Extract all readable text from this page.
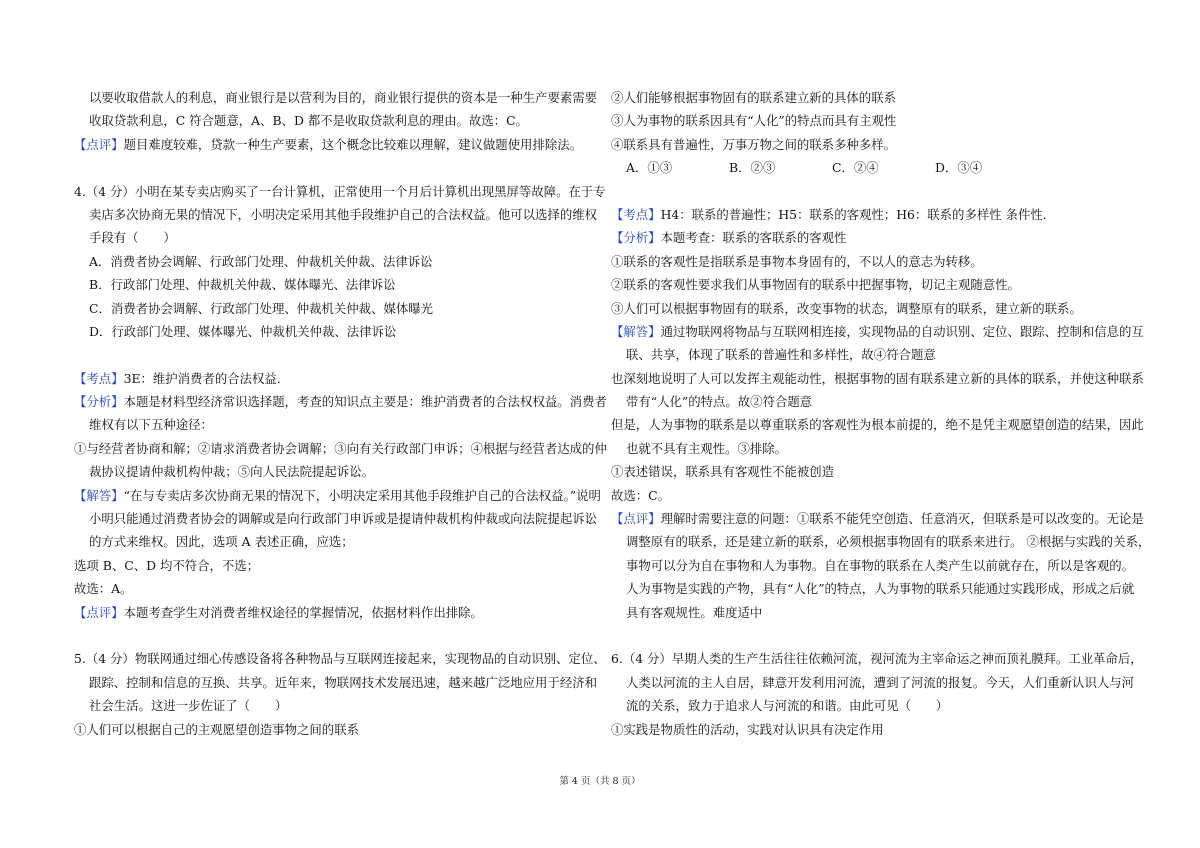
以要收取借款人的利息，商业银行是以营利为目的，商业银行提供的资本是一种生产要素需要
收取贷款利息，C 符合题意，A、B、D 都不是收取贷款利息的理由。故选：C。
【点评】题目难度较难，贷款一种生产要素，这个概念比较难以理解，建议做题使用排除法。
4.（4 分）小明在某专卖店购买了一台计算机，正常使用一个月后计算机出现黑屏等故障。在于专
卖店多次协商无果的情况下，小明决定采用其他手段维护自己的合法权益。他可以选择的维权
手段有（　　）
A．消费者协会调解、行政部门处理、仲裁机关仲裁、法律诉讼
B．行政部门处理、仲裁机关仲裁、媒体曝光、法律诉讼
C．消费者协会调解、行政部门处理、仲裁机关仲裁、媒体曝光
D．行政部门处理、媒体曝光、仲裁机关仲裁、法律诉讼
【考点】3E：维护消费者的合法权益．
【分析】本题是材料型经济常识选择题，考查的知识点主要是：维护消费者的合法权权益。消费者
维权有以下五种途径：
①与经营者协商和解；②请求消费者协会调解；③向有关行政部门申诉；④根据与经营者达成的仲
裁协议提请仲裁机构仲裁；⑤向人民法院提起诉讼。
【解答】“在与专卖店多次协商无果的情况下，小明决定采用其他手段维护自己的合法权益。”说明
小明只能通过消费者协会的调解或是向行政部门申诉或是提请仲裁机构仲裁或向法院提起诉讼
的方式来维权。因此，选项 A 表述正确，应选；
选项 B、C、D 均不符合，不选；
故选：A。
【点评】本题考查学生对消费者维权途径的掌握情况，依据材料作出排除。
5.（4 分）物联网通过细心传感设备将各种物品与互联网连接起来，实现物品的自动识别、定位、
跟踪、控制和信息的互换、共享。近年来，物联网技术发展迅速，越来越广泛地应用于经济和
社会生活。这进一步佐证了（　　）
①人们可以根据自己的主观愿望创造事物之间的联系
②人们能够根据事物固有的联系建立新的具体的联系
③人为事物的联系因具有“人化”的特点而具有主观性
④联系具有普遍性，万事万物之间的联系多种多样。
A．①③	B．②③	C．②④	D．③④
【考点】H4：联系的普遍性；H5：联系的客观性；H6：联系的多样性 条件性．
【分析】本题考查：联系的客联系的客观性
①联系的客观性是指联系是事物本身固有的，不以人的意志为转移。
②联系的客观性要求我们从事物固有的联系中把握事物，切记主观随意性。
③人们可以根据事物固有的联系，改变事物的状态，调整原有的联系，建立新的联系。
【解答】通过物联网将物品与互联网相连接，实现物品的自动识别、定位、跟踪、控制和信息的互
联、共享，体现了联系的普遍性和多样性，故④符合题意
也深刻地说明了人可以发挥主观能动性，根据事物的固有联系建立新的具体的联系，并使这种联系
带有“人化”的特点。故②符合题意
但是，人为事物的联系是以尊重联系的客观性为根本前提的，绝不是凭主观愿望创造的结果，因此
也就不具有主观性。③排除。
①表述错误，联系具有客观性不能被创造
故选：C。
【点评】理解时需要注意的问题：①联系不能凭空创造、任意消灭，但联系是可以改变的。无论是
调整原有的联系，还是建立新的联系，必须根据事物固有的联系来进行。 ②根据与实践的关系，
事物可以分为自在事物和人为事物。自在事物的联系在人类产生以前就存在，所以是客观的。
人为事物是实践的产物，具有“人化”的特点，人为事物的联系只能通过实践形成，形成之后就
具有客观规性。难度适中
6.（4 分）早期人类的生产生活往往依赖河流，视河流为主宰命运之神而顶礼膜拜。工业革命后，
人类以河流的主人自居，肆意开发利用河流，遭到了河流的报复。今天，人们重新认识人与河
流的关系，致力于追求人与河流的和谐。由此可见（　　）
①实践是物质性的活动，实践对认识具有决定作用
第 4 页（共 8 页）
